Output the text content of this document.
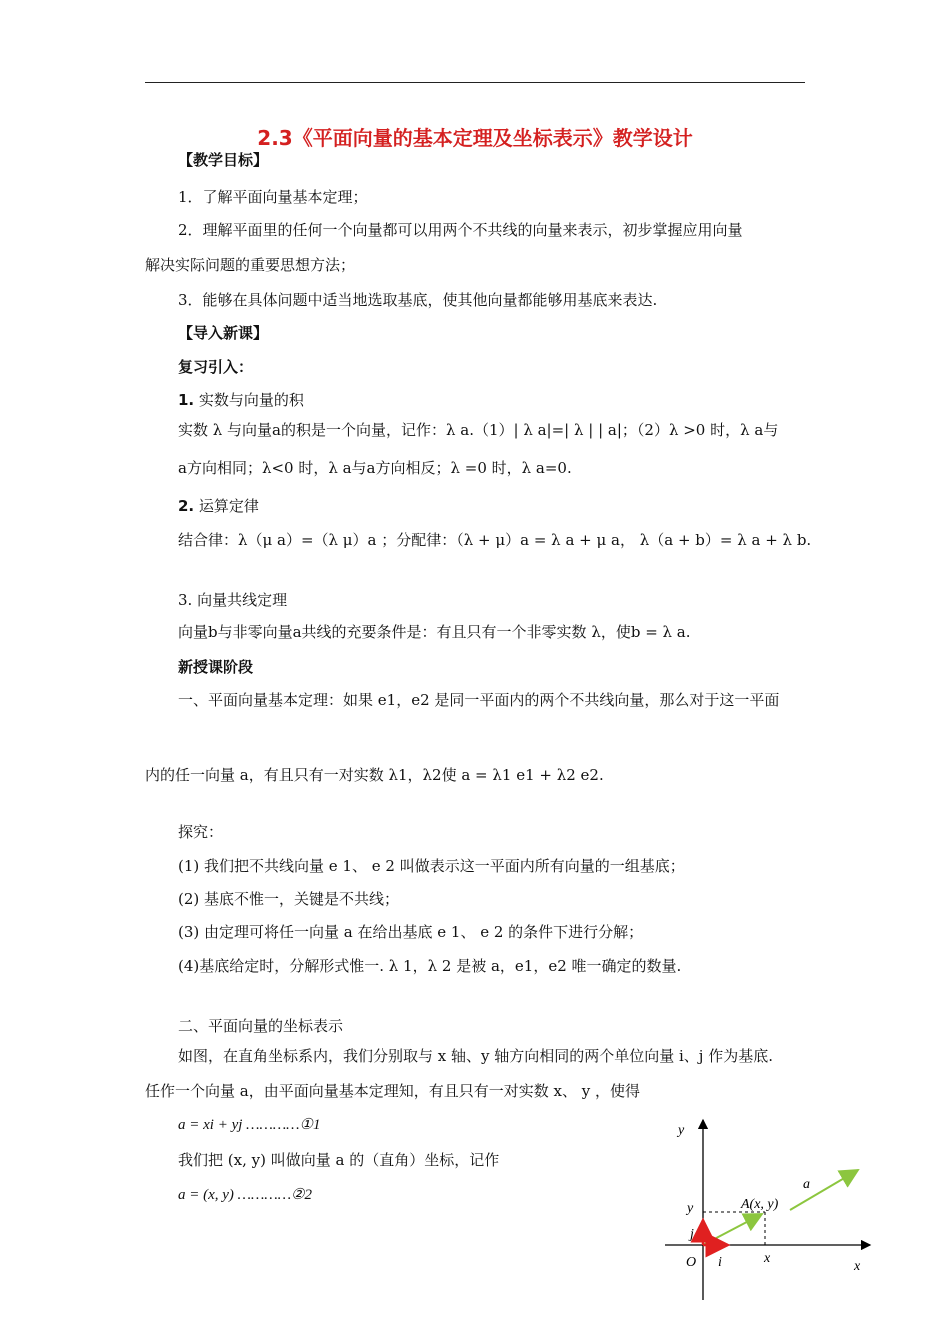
2.3《平面向量的基本定理及坐标表示》教学设计
【教学目标】
1．了解平面向量基本定理；
2．理解平面里的任何一个向量都可以用两个不共线的向量来表示，初步掌握应用向量
解决实际问题的重要思想方法；
3．能够在具体问题中适当地选取基底，使其他向量都能够用基底来表达.
【导入新课】
复习引入：
1. 实数与向量的积
实数 λ 与向量a的积是一个向量，记作：λ a.（1）| λ a|=| λ | | a|；（2）λ >0 时，λ a与
a方向相同；λ<0 时，λ a与a方向相反；λ =0 时，λ a=0.
2. 运算定律
结合律：λ（μ a）=（λ μ）a ；分配律：（λ + μ）a = λ a + μ a， λ（a + b）= λ a + λ b.
3. 向量共线定理
向量b与非零向量a共线的充要条件是：有且只有一个非零实数 λ，使b = λ a.
新授课阶段
一、平面向量基本定理：如果 e1，e2 是同一平面内的两个不共线向量，那么对于这一平面
内的任一向量 a，有且只有一对实数 λ1，λ2使 a = λ1 e1 + λ2 e2.
探究：
(1) 我们把不共线向量 e 1、 e 2 叫做表示这一平面内所有向量的一组基底；
(2) 基底不惟一，关键是不共线；
(3) 由定理可将任一向量 a 在给出基底 e 1、 e 2 的条件下进行分解；
(4)基底给定时，分解形式惟一. λ 1，λ 2 是被 a，e1，e2 唯一确定的数量.
二、平面向量的坐标表示
如图，在直角坐标系内，我们分别取与 x 轴、y 轴方向相同的两个单位向量 i、j 作为基底.
任作一个向量 a，由平面向量基本定理知，有且只有一对实数 x、 y ，使得
a = xi + yj …………①1
我们把 (x, y) 叫做向量 a 的（直角）坐标，记作
a = (x, y) …………②2
y
x
O
A(x, y)
a
y
x
i
j
